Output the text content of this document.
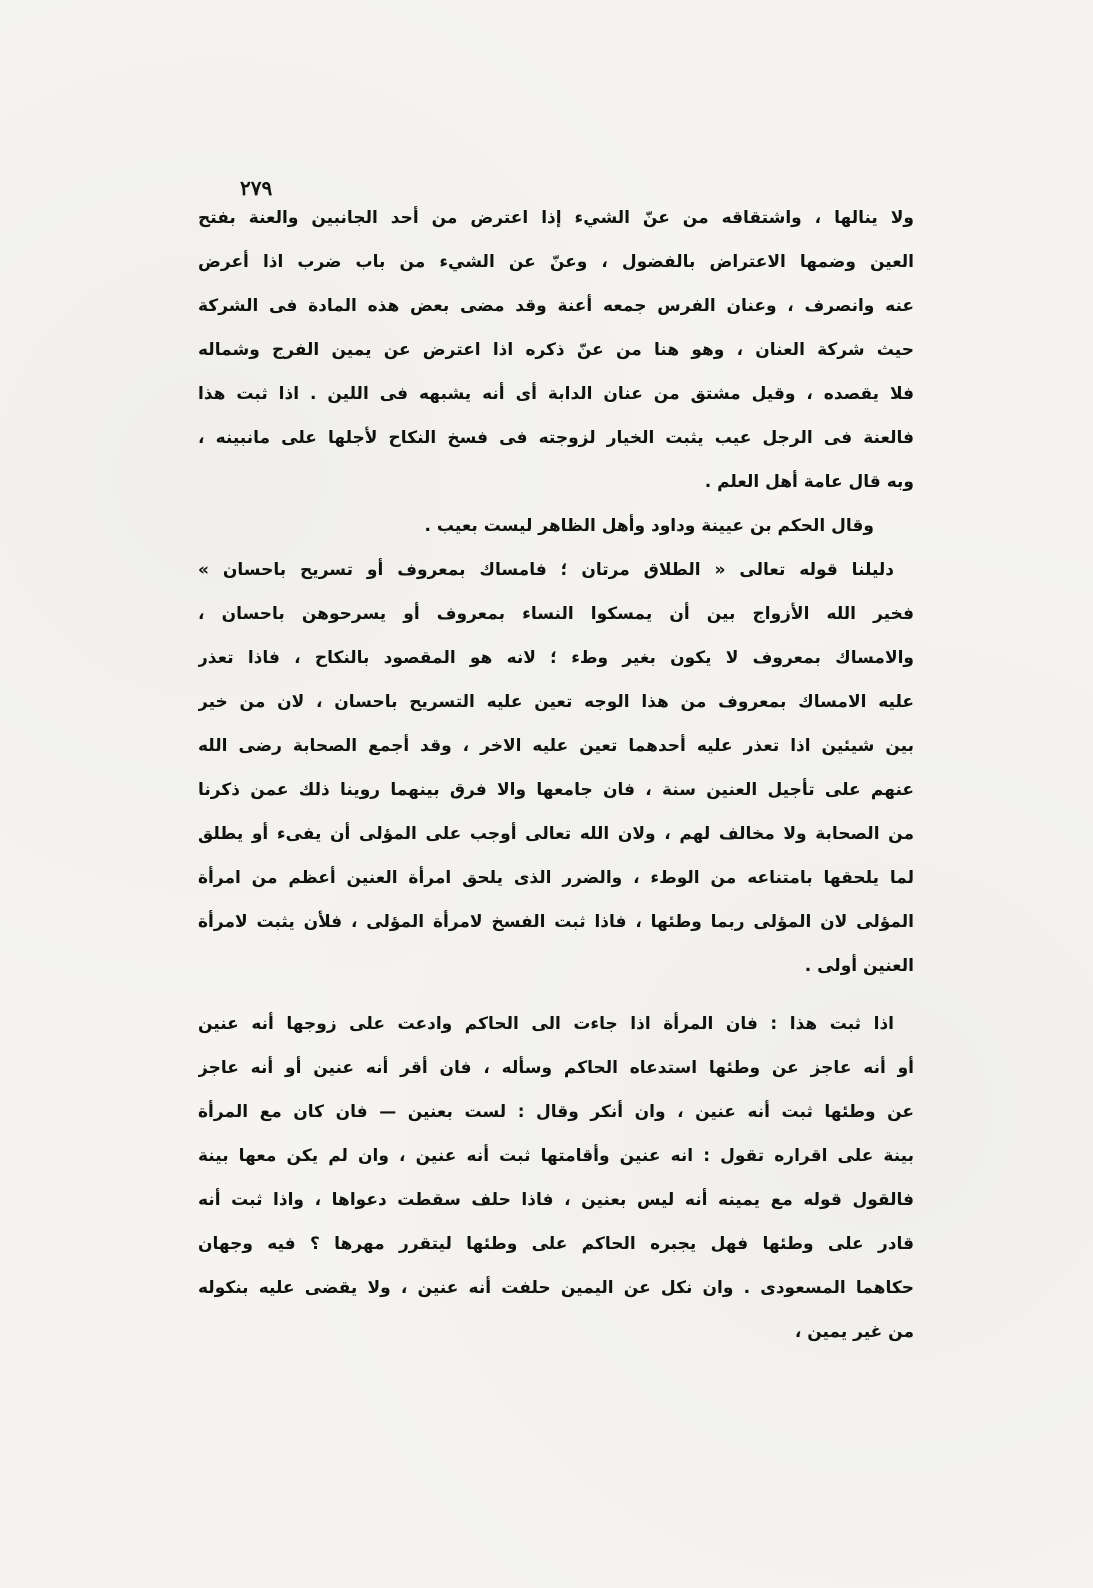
٢٧٩
ولا ينالها ، واشتقاقه من عنّ الشيء إذا اعترض من أحد الجانبين والعنة بفتح
العين وضمها الاعتراض بالفضول ، وعنّ عن الشيء من باب ضرب اذا أعرض
عنه وانصرف ، وعنان الفرس جمعه أعنة وقد مضى بعض هذه المادة فى الشركة
حيث شركة العنان ، وهو هنا من عنّ ذكره اذا اعترض عن يمين الفرج وشماله
فلا يقصده ، وقيل مشتق من عنان الدابة أى أنه يشبهه فى اللين . اذا ثبت هذا
فالعنة فى الرجل عيب يثبت الخيار لزوجته فى فسخ النكاح لأجلها على مانبينه ،
وبه قال عامة أهل العلم .
وقال الحكم بن عيينة وداود وأهل الظاهر ليست بعيب .
دليلنا قوله تعالى « الطلاق مرتان ؛ فامساك بمعروف أو تسريح باحسان »
فخير الله الأزواج بين أن يمسكوا النساء بمعروف أو يسرحوهن باحسان ،
والامساك بمعروف لا يكون بغير وطء ؛ لانه هو المقصود بالنكاح ، فاذا تعذر
عليه الامساك بمعروف من هذا الوجه تعين عليه التسريح باحسان ، لان من خير
بين شيئين اذا تعذر عليه أحدهما تعين عليه الاخر ، وقد أجمع الصحابة رضى الله
عنهم على تأجيل العنين سنة ، فان جامعها والا فرق بينهما روينا ذلك عمن ذكرنا
من الصحابة ولا مخالف لهم ، ولان الله تعالى أوجب على المؤلى أن يفىء أو يطلق
لما يلحقها بامتناعه من الوطء ، والضرر الذى يلحق امرأة العنين أعظم من امرأة
المؤلى لان المؤلى ربما وطئها ، فاذا ثبت الفسخ لامرأة المؤلى ، فلأن يثبت لامرأة
العنين أولى .
اذا ثبت هذا : فان المرأة اذا جاءت الى الحاكم وادعت على زوجها أنه عنين
أو أنه عاجز عن وطئها استدعاه الحاكم وسأله ، فان أقر أنه عنين أو أنه عاجز
عن وطئها ثبت أنه عنين ، وان أنكر وقال : لست بعنين — فان كان مع المرأة
بينة على اقراره تقول : انه عنين وأقامتها ثبت أنه عنين ، وان لم يكن معها بينة
فالقول قوله مع يمينه أنه ليس بعنين ، فاذا حلف سقطت دعواها ، واذا ثبت أنه
قادر على وطئها فهل يجبره الحاكم على وطئها ليتقرر مهرها ؟ فيه وجهان
حكاهما المسعودى . وان نكل عن اليمين حلفت أنه عنين ، ولا يقضى عليه بنكوله
من غير يمين ،
